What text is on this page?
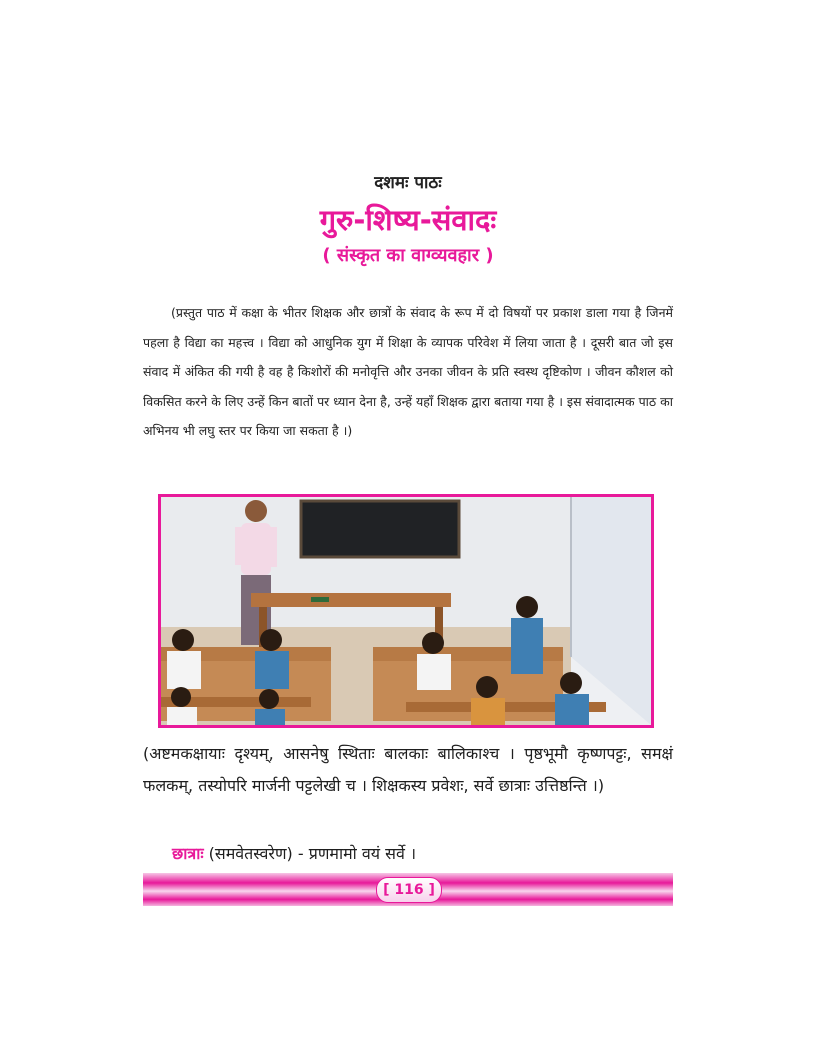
दशमः पाठः
गुरु-शिष्य-संवादः
( संस्कृत का वाग्व्यवहार )
(प्रस्तुत पाठ में कक्षा के भीतर शिक्षक और छात्रों के संवाद के रूप में दो विषयों पर प्रकाश डाला गया है जिनमें पहला है विद्या का महत्त्व । विद्या को आधुनिक युग में शिक्षा के व्यापक परिवेश में लिया जाता है । दूसरी बात जो इस संवाद में अंकित की गयी है वह है किशोरों की मनोवृत्ति और उनका जीवन के प्रति स्वस्थ दृष्टिकोण । जीवन कौशल को विकसित करने के लिए उन्हें किन बातों पर ध्यान देना है, उन्हें यहाँ शिक्षक द्वारा बताया गया है । इस संवादात्मक पाठ का अभिनय भी लघु स्तर पर किया जा सकता है ।)
(अष्टमकक्षायाः दृश्यम्, आसनेषु स्थिताः बालकाः बालिकाश्च । पृष्ठभूमौ कृष्णपट्टः, समक्षं फलकम्, तस्योपरि मार्जनी पट्टलेखी च । शिक्षकस्य प्रवेशः, सर्वे छात्राः उत्तिष्ठन्ति ।)
छात्राः (समवेतस्वरेण) - प्रणमामो वयं सर्वे ।
[ 116 ]
